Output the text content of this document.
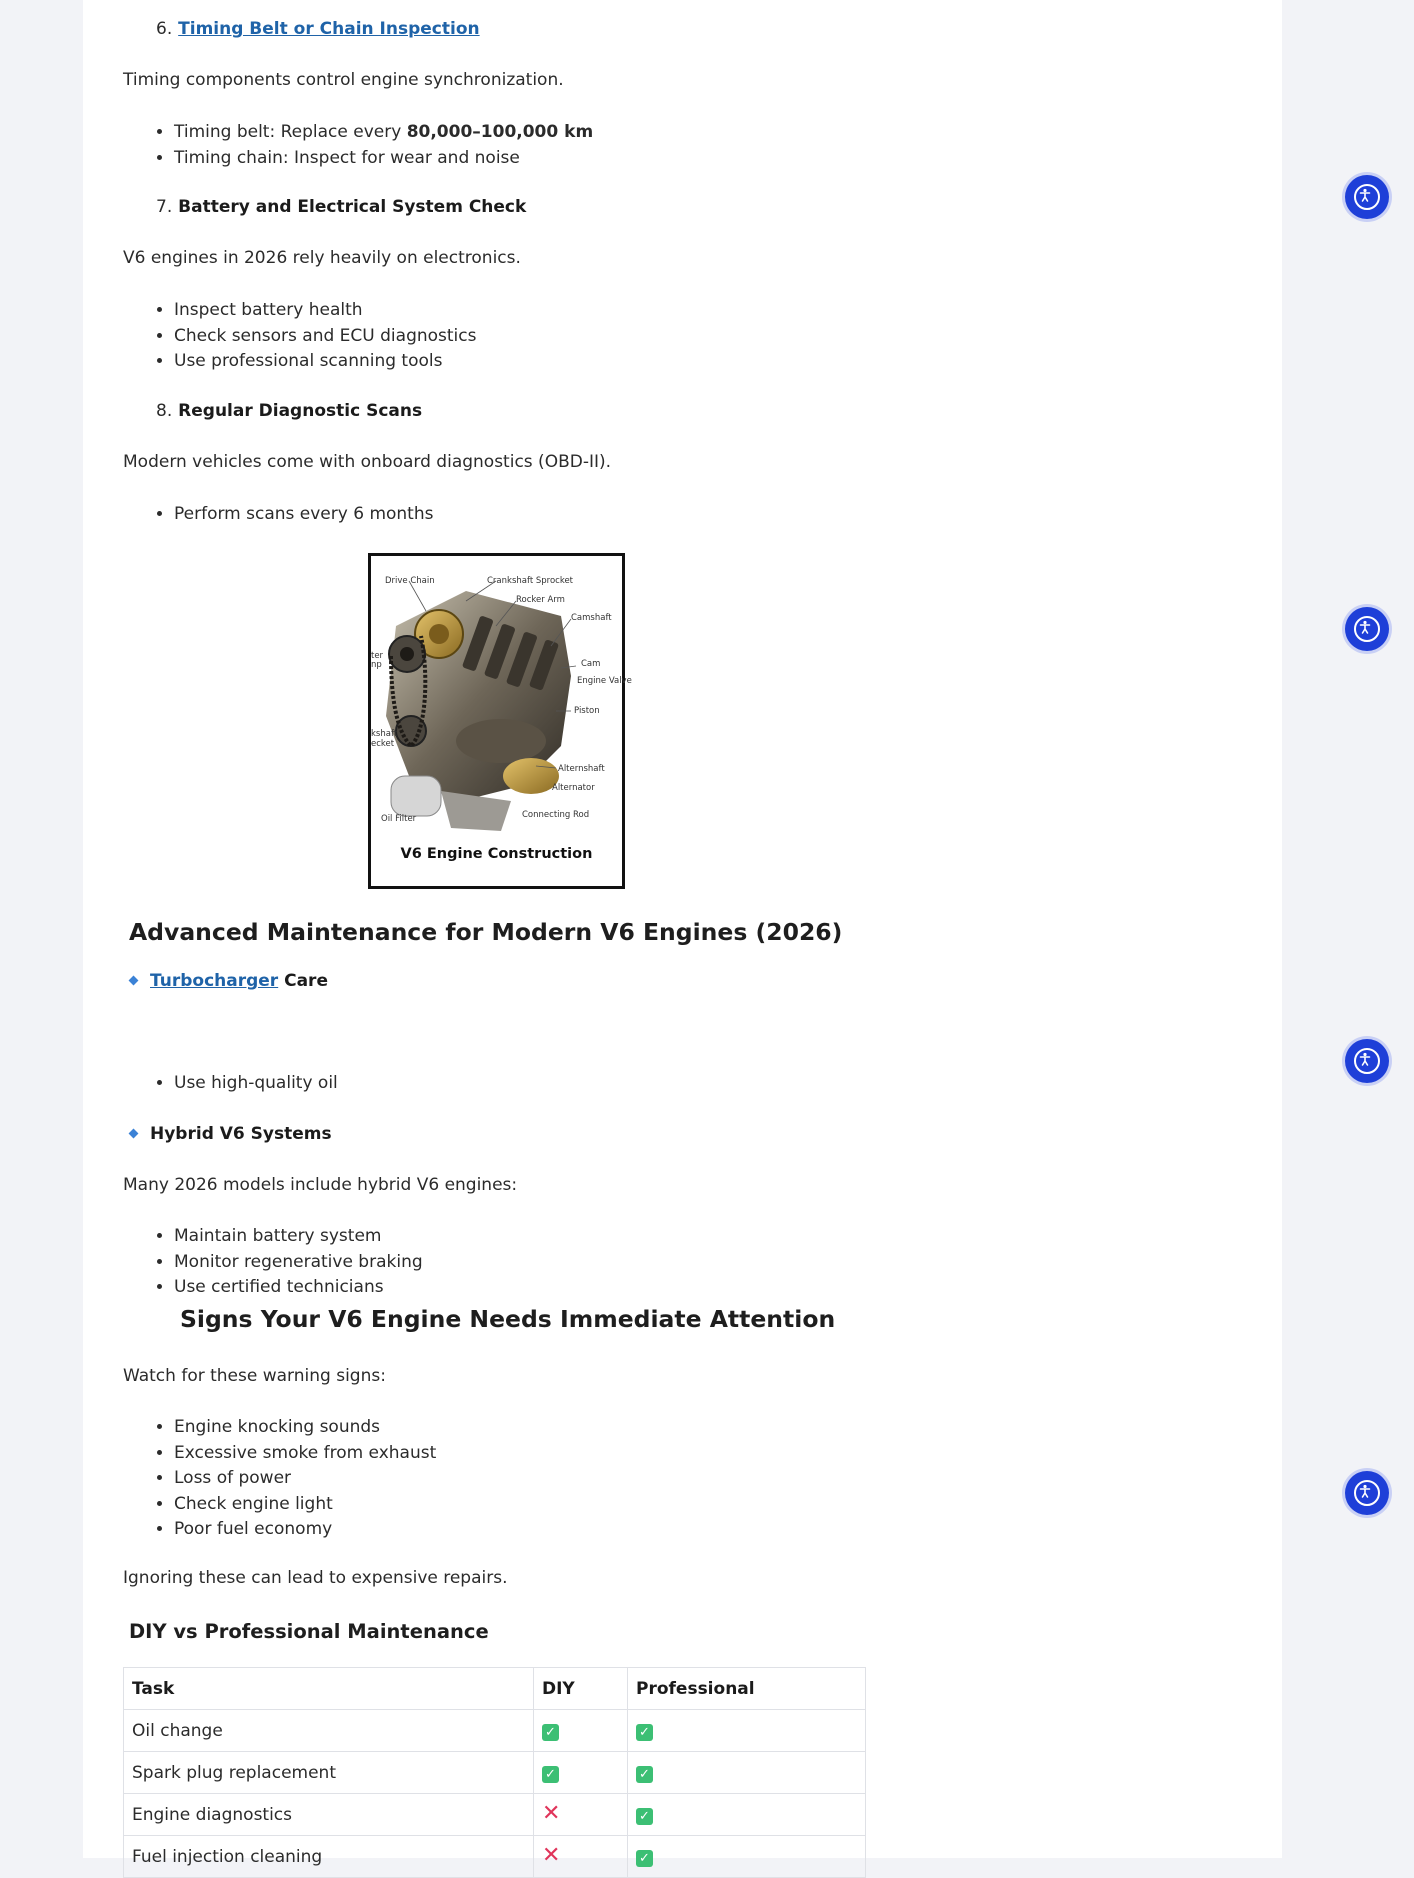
6. Timing Belt or Chain Inspection
Timing components control engine synchronization.
• Timing belt: Replace every 80,000–100,000 km
• Timing chain: Inspect for wear and noise
7. Battery and Electrical System Check
V6 engines in 2026 rely heavily on electronics.
• Inspect battery health
• Check sensors and ECU diagnostics
• Use professional scanning tools
8. Regular Diagnostic Scans
Modern vehicles come with onboard diagnostics (OBD-II).
• Perform scans every 6 months
Drive Chain	Crankshaft Sprocket
Rocker Arm
Camshaft
ter
np	Cam
Engine Valve
Piston
kshaft
ecket
Alternshaft
Alternator
Connecting Rod
Oil Filter
V6 Engine Construction
Advanced Maintenance for Modern V6 Engines (2026)
Turbocharger Care
• Use high-quality oil
Hybrid V6 Systems
Many 2026 models include hybrid V6 engines:
• Maintain battery system
• Monitor regenerative braking
• Use certified technicians
Signs Your V6 Engine Needs Immediate Attention
Watch for these warning signs:
• Engine knocking sounds
• Excessive smoke from exhaust
• Loss of power
• Check engine light
• Poor fuel economy
Ignoring these can lead to expensive repairs.
DIY vs Professional Maintenance
Task	DIY	Professional
Oil change	✓	✓
Spark plug replacement	✓	✓
Engine diagnostics	✕	✓
Fuel injection cleaning	✕	✓
